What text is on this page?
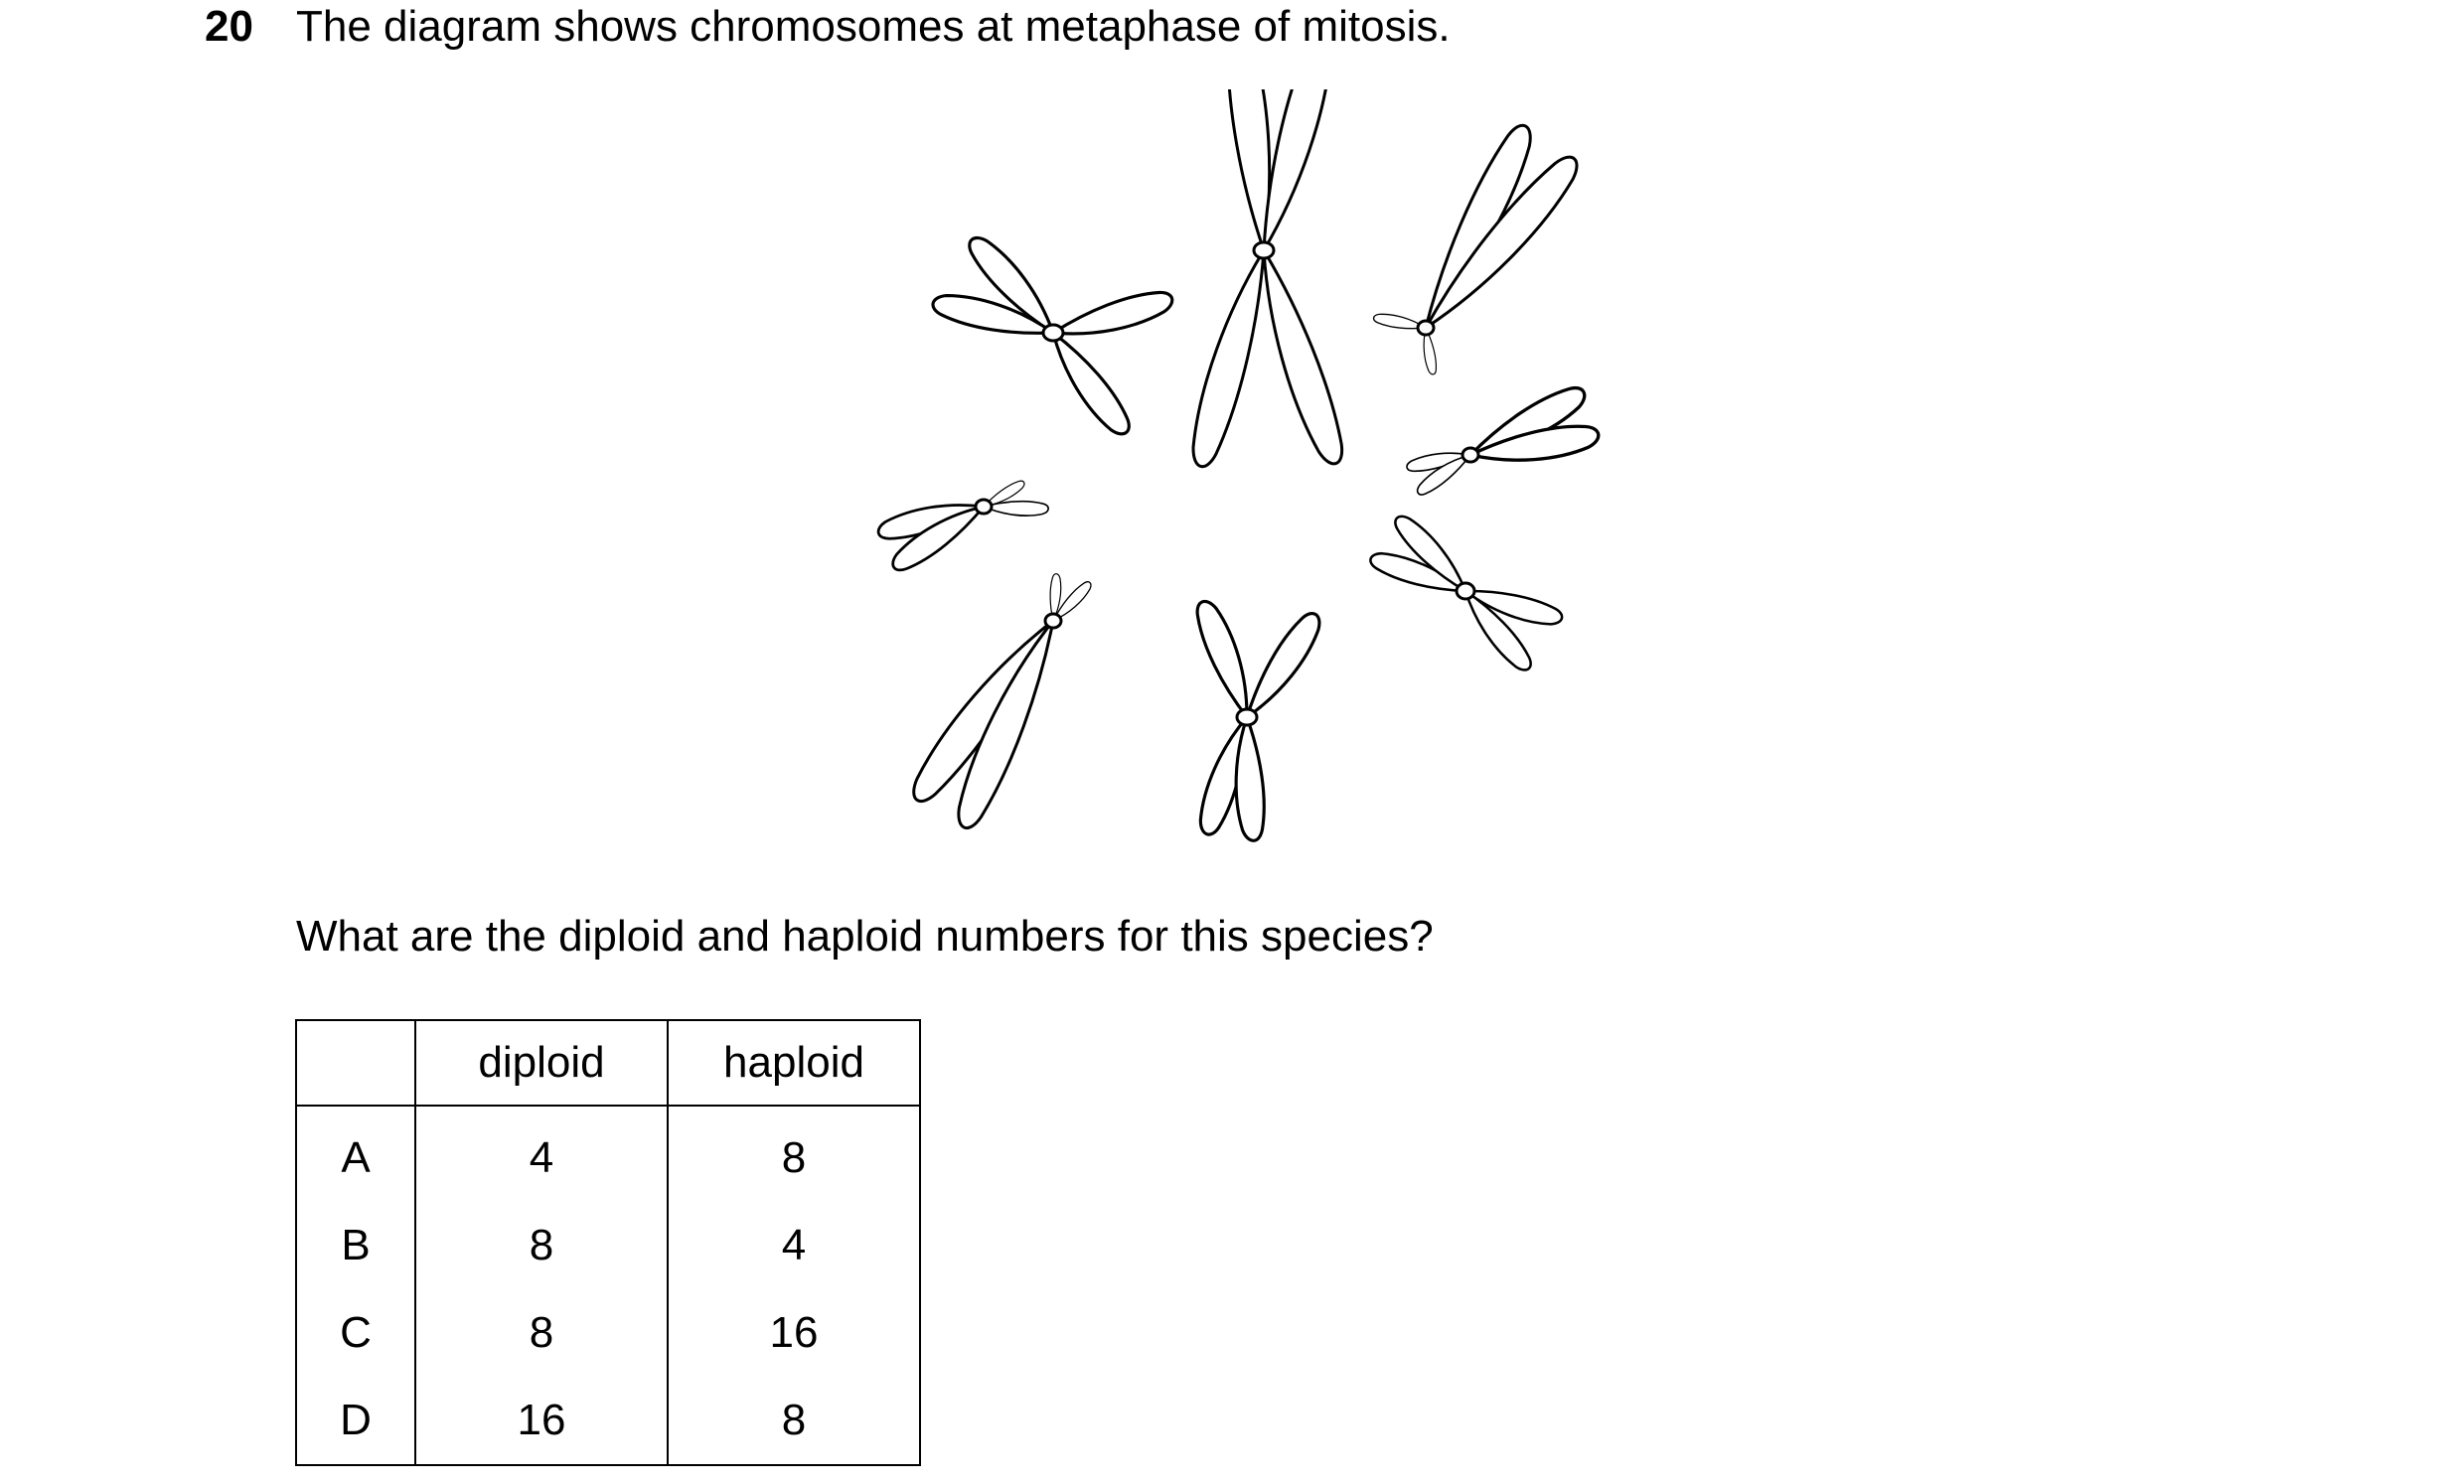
20 The diagram shows chromosomes at metaphase of mitosis.
What are the diploid and haploid numbers for this species?
	diploid	haploid
A	4	8
B	8	4
C	8	16
D	16	8
